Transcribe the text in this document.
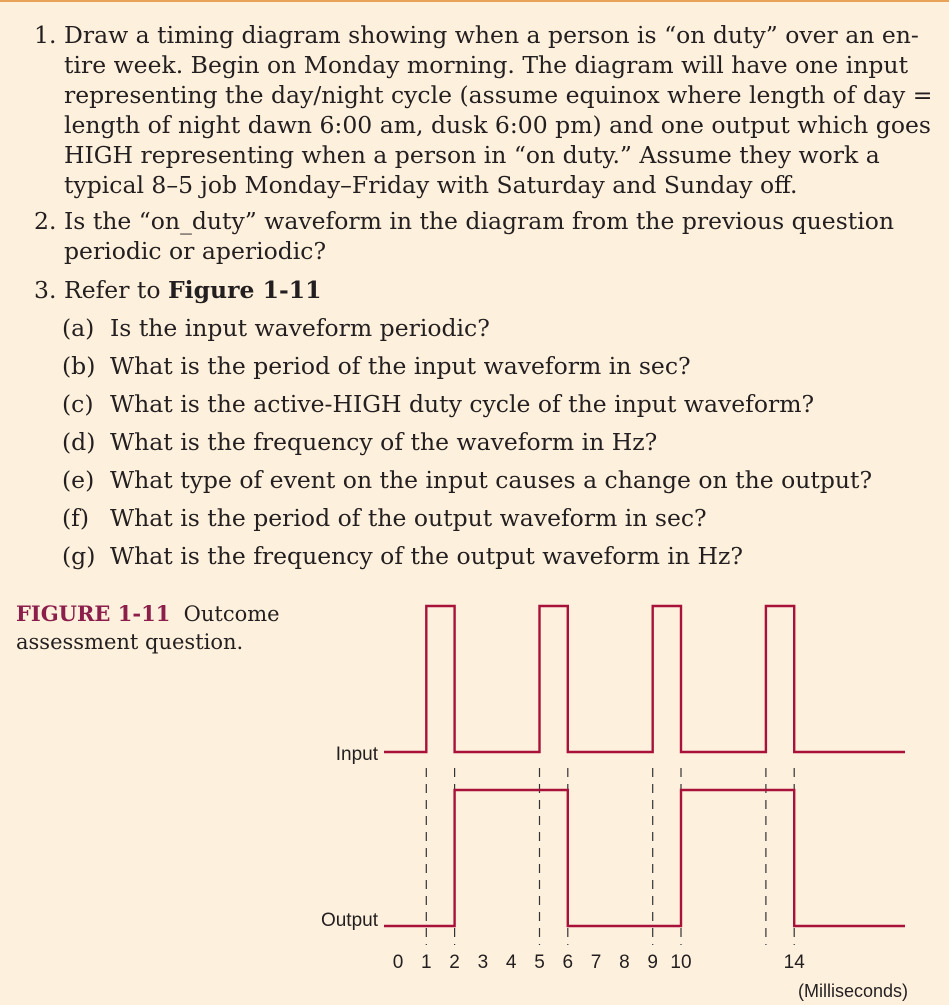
1. Draw a timing diagram showing when a person is “on duty” over an en-
tire week. Begin on Monday morning. The diagram will have one input
representing the day/night cycle (assume equinox where length of day =
length of night dawn 6:00 am, dusk 6:00 pm) and one output which goes
HIGH representing when a person in “on duty.” Assume they work a
typical 8–5 job Monday–Friday with Saturday and Sunday off.
2. Is the “on_duty” waveform in the diagram from the previous question
periodic or aperiodic?
3. Refer to Figure 1-11
(a) Is the input waveform periodic?
(b) What is the period of the input waveform in sec?
(c) What is the active-HIGH duty cycle of the input waveform?
(d) What is the frequency of the waveform in Hz?
(e) What type of event on the input causes a change on the output?
(f) What is the period of the output waveform in sec?
(g) What is the frequency of the output waveform in Hz?
FIGURE 1-11 Outcome assessment question.
Input
Output
0 1 2 3 4 5 6 7 8 9 10	14
(Milliseconds)
